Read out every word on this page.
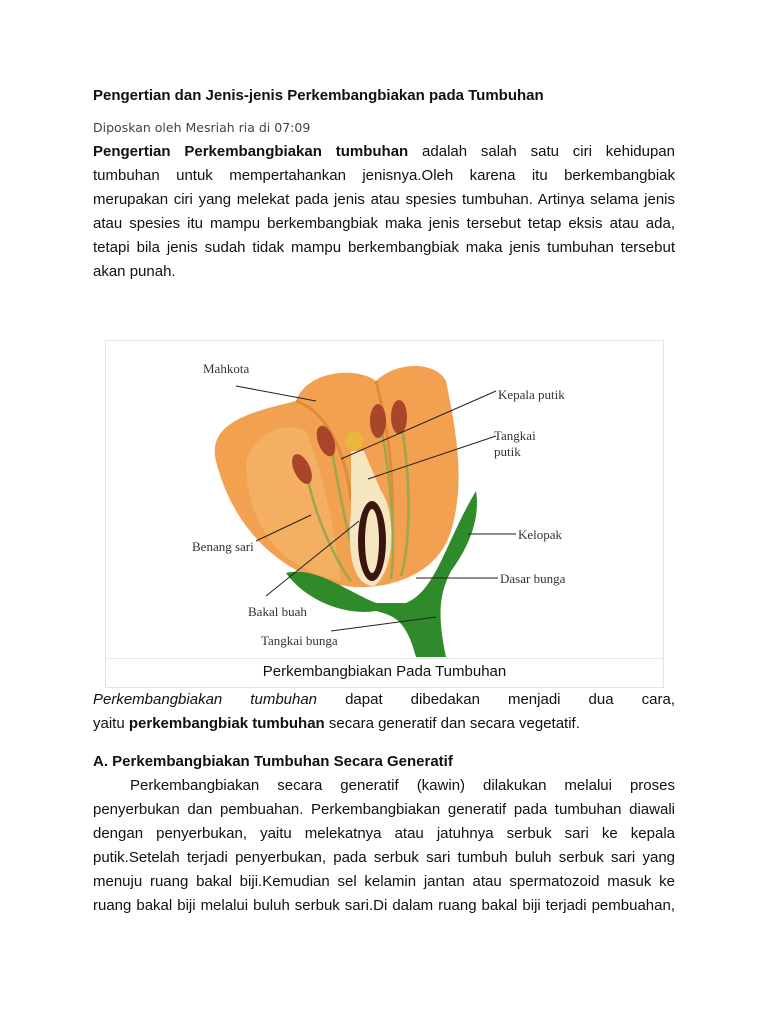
Pengertian dan Jenis-jenis Perkembangbiakan pada Tumbuhan
Diposkan oleh Mesriah ria di 07:09
Pengertian Perkembangbiakan tumbuhan adalah salah satu ciri kehidupan
tumbuhan untuk mempertahankan jenisnya.Oleh karena itu berkembangbiak
merupakan ciri yang melekat pada jenis atau spesies tumbuhan. Artinya selama jenis
atau spesies itu mampu berkembangbiak maka jenis tersebut tetap eksis atau ada,
tetapi bila jenis sudah tidak mampu berkembangbiak maka jenis tumbuhan tersebut
akan punah.
Mahkota
Kepala putik
Tangkai
putik
Benang sari
Kelopak
Dasar bunga
Bakal buah
Tangkai bunga
Perkembangbiakan Pada Tumbuhan
Perkembangbiakan tumbuhan dapat dibedakan menjadi dua cara,
yaitu perkembangbiak tumbuhan secara generatif dan secara vegetatif.
A. Perkembangbiakan Tumbuhan Secara Generatif
Perkembangbiakan secara generatif (kawin) dilakukan melalui proses
penyerbukan dan pembuahan. Perkembangbiakan generatif pada tumbuhan diawali
dengan penyerbukan, yaitu melekatnya atau jatuhnya serbuk sari ke kepala
putik.Setelah terjadi penyerbukan, pada serbuk sari tumbuh buluh serbuk sari yang
menuju ruang bakal biji.Kemudian sel kelamin jantan atau spermatozoid masuk ke
ruang bakal biji melalui buluh serbuk sari.Di dalam ruang bakal biji terjadi pembuahan,
